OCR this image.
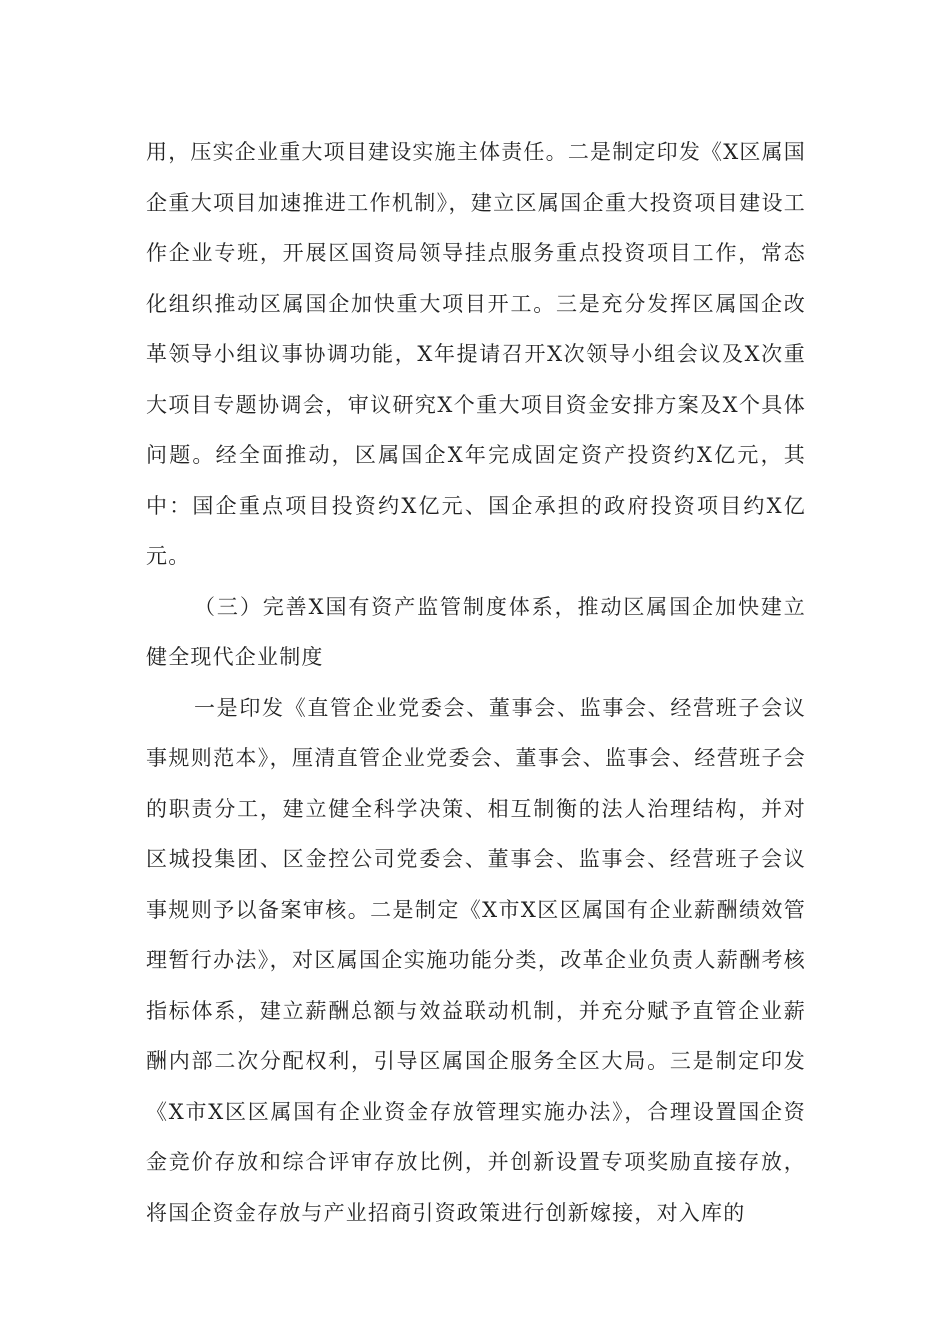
用，压实企业重大项目建设实施主体责任。二是制定印发《X区属国企重大项目加速推进工作机制》，建立区属国企重大投资项目建设工作企业专班，开展区国资局领导挂点服务重点投资项目工作，常态化组织推动区属国企加快重大项目开工。三是充分发挥区属国企改革领导小组议事协调功能，X年提请召开X次领导小组会议及X次重大项目专题协调会，审议研究X个重大项目资金安排方案及X个具体问题。经全面推动，区属国企X年完成固定资产投资约X亿元，其中：国企重点项目投资约X亿元、国企承担的政府投资项目约X亿元。

（三）完善X国有资产监管制度体系，推动区属国企加快建立健全现代企业制度

一是印发《直管企业党委会、董事会、监事会、经营班子会议事规则范本》，厘清直管企业党委会、董事会、监事会、经营班子会的职责分工，建立健全科学决策、相互制衡的法人治理结构，并对区城投集团、区金控公司党委会、董事会、监事会、经营班子会议事规则予以备案审核。二是制定《X市X区区属国有企业薪酬绩效管理暂行办法》，对区属国企实施功能分类，改革企业负责人薪酬考核指标体系，建立薪酬总额与效益联动机制，并充分赋予直管企业薪酬内部二次分配权利，引导区属国企服务全区大局。三是制定印发《X市X区区属国有企业资金存放管理实施办法》，合理设置国企资金竞价存放和综合评审存放比例，并创新设置专项奖励直接存放，将国企资金存放与产业招商引资政策进行创新嫁接，对入库的
